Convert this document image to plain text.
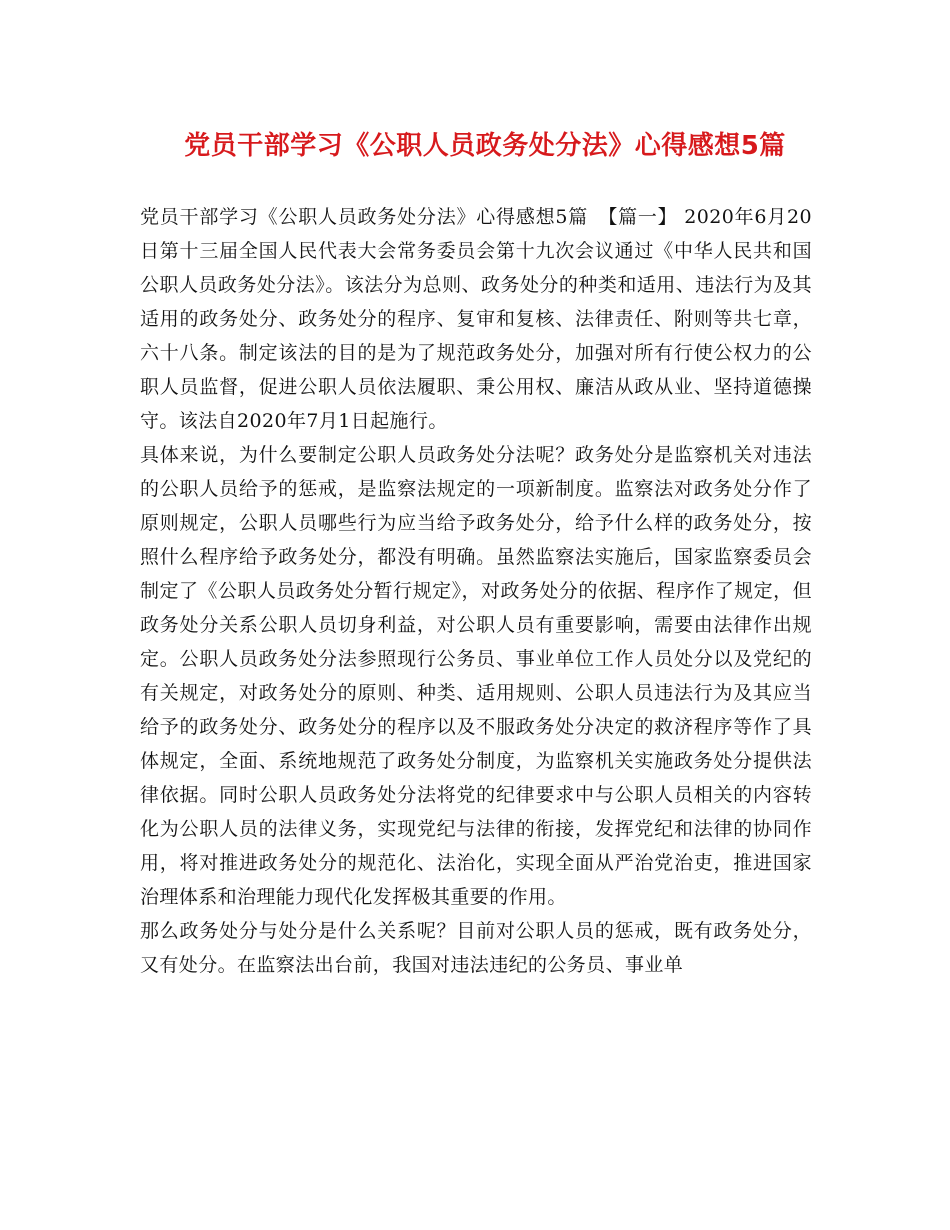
党员干部学习《公职人员政务处分法》心得感想5篇

党员干部学习《公职人员政务处分法》心得感想5篇　【篇一】 2020年6月20日第十三届全国人民代表大会常务委员会第十九次会议通过《中华人民共和国公职人员政务处分法》。该法分为总则、政务处分的种类和适用、违法行为及其适用的政务处分、政务处分的程序、复审和复核、法律责任、附则等共七章，六十八条。制定该法的目的是为了规范政务处分，加强对所有行使公权力的公职人员监督，促进公职人员依法履职、秉公用权、廉洁从政从业、坚持道德操守。该法自2020年7月1日起施行。

具体来说，为什么要制定公职人员政务处分法呢？政务处分是监察机关对违法的公职人员给予的惩戒，是监察法规定的一项新制度。监察法对政务处分作了原则规定，公职人员哪些行为应当给予政务处分，给予什么样的政务处分，按照什么程序给予政务处分，都没有明确。虽然监察法实施后，国家监察委员会制定了《公职人员政务处分暂行规定》，对政务处分的依据、程序作了规定，但政务处分关系公职人员切身利益，对公职人员有重要影响，需要由法律作出规定。公职人员政务处分法参照现行公务员、事业单位工作人员处分以及党纪的有关规定，对政务处分的原则、种类、适用规则、公职人员违法行为及其应当给予的政务处分、政务处分的程序以及不服政务处分决定的救济程序等作了具体规定，全面、系统地规范了政务处分制度，为监察机关实施政务处分提供法律依据。同时公职人员政务处分法将党的纪律要求中与公职人员相关的内容转化为公职人员的法律义务，实现党纪与法律的衔接，发挥党纪和法律的协同作用，将对推进政务处分的规范化、法治化，实现全面从严治党治吏，推进国家治理体系和治理能力现代化发挥极其重要的作用。

那么政务处分与处分是什么关系呢？目前对公职人员的惩戒，既有政务处分，又有处分。在监察法出台前，我国对违法违纪的公务员、事业单
